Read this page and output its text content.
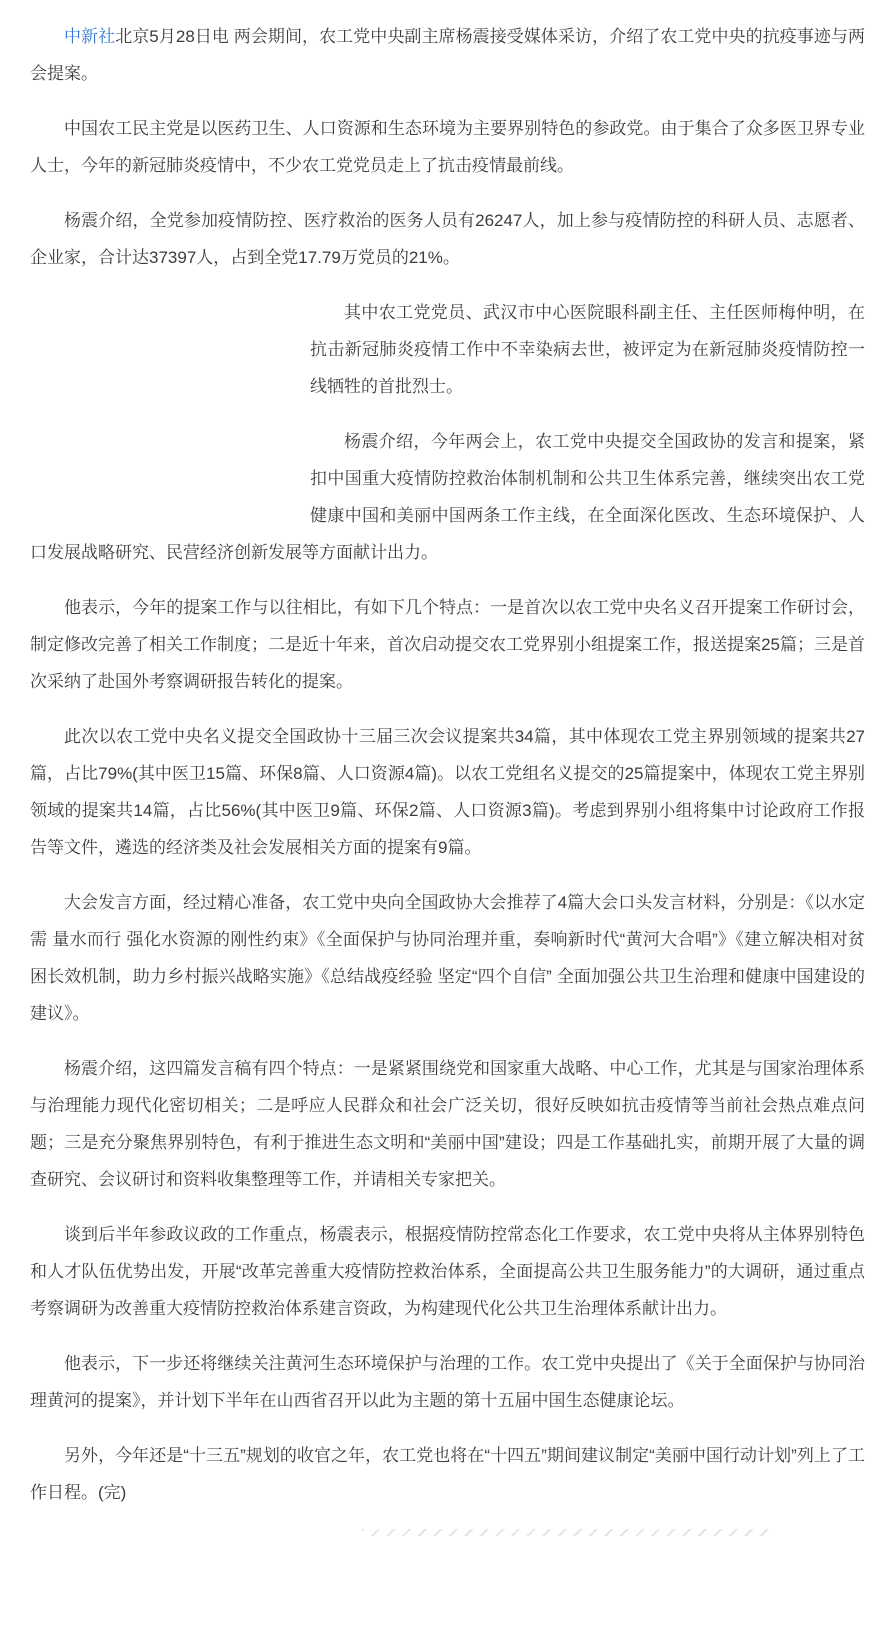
中新社北京5月28日电 两会期间，农工党中央副主席杨震接受媒体采访，介绍了农工党中央的抗疫事迹与两会提案。

中国农工民主党是以医药卫生、人口资源和生态环境为主要界别特色的参政党。由于集合了众多医卫界专业人士，今年的新冠肺炎疫情中，不少农工党党员走上了抗击疫情最前线。

杨震介绍，全党参加疫情防控、医疗救治的医务人员有26247人，加上参与疫情防控的科研人员、志愿者、企业家，合计达37397人，占到全党17.79万党员的21%。

其中农工党党员、武汉市中心医院眼科副主任、主任医师梅仲明，在抗击新冠肺炎疫情工作中不幸染病去世，被评定为在新冠肺炎疫情防控一线牺牲的首批烈士。

杨震介绍，今年两会上，农工党中央提交全国政协的发言和提案，紧扣中国重大疫情防控救治体制机制和公共卫生体系完善，继续突出农工党健康中国和美丽中国两条工作主线，在全面深化医改、生态环境保护、人口发展战略研究、民营经济创新发展等方面献计出力。

他表示，今年的提案工作与以往相比，有如下几个特点：一是首次以农工党中央名义召开提案工作研讨会，制定修改完善了相关工作制度；二是近十年来，首次启动提交农工党界别小组提案工作，报送提案25篇；三是首次采纳了赴国外考察调研报告转化的提案。

此次以农工党中央名义提交全国政协十三届三次会议提案共34篇，其中体现农工党主界别领域的提案共27篇，占比79%(其中医卫15篇、环保8篇、人口资源4篇)。以农工党组名义提交的25篇提案中，体现农工党主界别领域的提案共14篇，占比56%(其中医卫9篇、环保2篇、人口资源3篇)。考虑到界别小组将集中讨论政府工作报告等文件，遴选的经济类及社会发展相关方面的提案有9篇。

大会发言方面，经过精心准备，农工党中央向全国政协大会推荐了4篇大会口头发言材料，分别是：《以水定需 量水而行 强化水资源的刚性约束》《全面保护与协同治理并重，奏响新时代“黄河大合唱”》《建立解决相对贫困长效机制，助力乡村振兴战略实施》《总结战疫经验 坚定“四个自信” 全面加强公共卫生治理和健康中国建设的建议》。

杨震介绍，这四篇发言稿有四个特点：一是紧紧围绕党和国家重大战略、中心工作，尤其是与国家治理体系与治理能力现代化密切相关；二是呼应人民群众和社会广泛关切，很好反映如抗击疫情等当前社会热点难点问题；三是充分聚焦界别特色，有利于推进生态文明和“美丽中国”建设；四是工作基础扎实，前期开展了大量的调查研究、会议研讨和资料收集整理等工作，并请相关专家把关。

谈到后半年参政议政的工作重点，杨震表示，根据疫情防控常态化工作要求，农工党中央将从主体界别特色和人才队伍优势出发，开展“改革完善重大疫情防控救治体系，全面提高公共卫生服务能力”的大调研，通过重点考察调研为改善重大疫情防控救治体系建言资政，为构建现代化公共卫生治理体系献计出力。

他表示，下一步还将继续关注黄河生态环境保护与治理的工作。农工党中央提出了《关于全面保护与协同治理黄河的提案》，并计划下半年在山西省召开以此为主题的第十五届中国生态健康论坛。

另外，今年还是“十三五”规划的收官之年，农工党也将在“十四五”期间建议制定“美丽中国行动计划”列上了工作日程。(完)
